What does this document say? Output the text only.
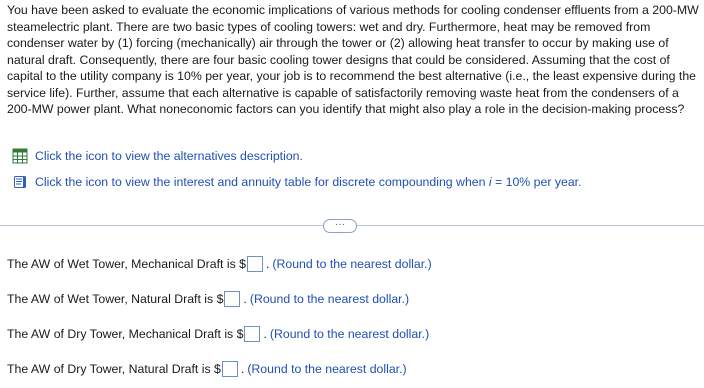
You have been asked to evaluate the economic implications of various methods for cooling condenser effluents from a 200-MW steamelectric plant. There are two basic types of cooling towers: wet and dry. Furthermore, heat may be removed from condenser water by (1) forcing (mechanically) air through the tower or (2) allowing heat transfer to occur by making use of natural draft. Consequently, there are four basic cooling tower designs that could be considered. Assuming that the cost of capital to the utility company is 10% per year, your job is to recommend the best alternative (i.e., the least expensive during the service life). Further, assume that each alternative is capable of satisfactorily removing waste heat from the condensers of a 200-MW power plant. What noneconomic factors can you identify that might also play a role in the decision-making process?

Click the icon to view the alternatives description.
Click the icon to view the interest and annuity table for discrete compounding when i = 10% per year.
···
The AW of Wet Tower, Mechanical Draft is $ . (Round to the nearest dollar.)
The AW of Wet Tower, Natural Draft is $ . (Round to the nearest dollar.)
The AW of Dry Tower, Mechanical Draft is $ . (Round to the nearest dollar.)
The AW of Dry Tower, Natural Draft is $ . (Round to the nearest dollar.)
